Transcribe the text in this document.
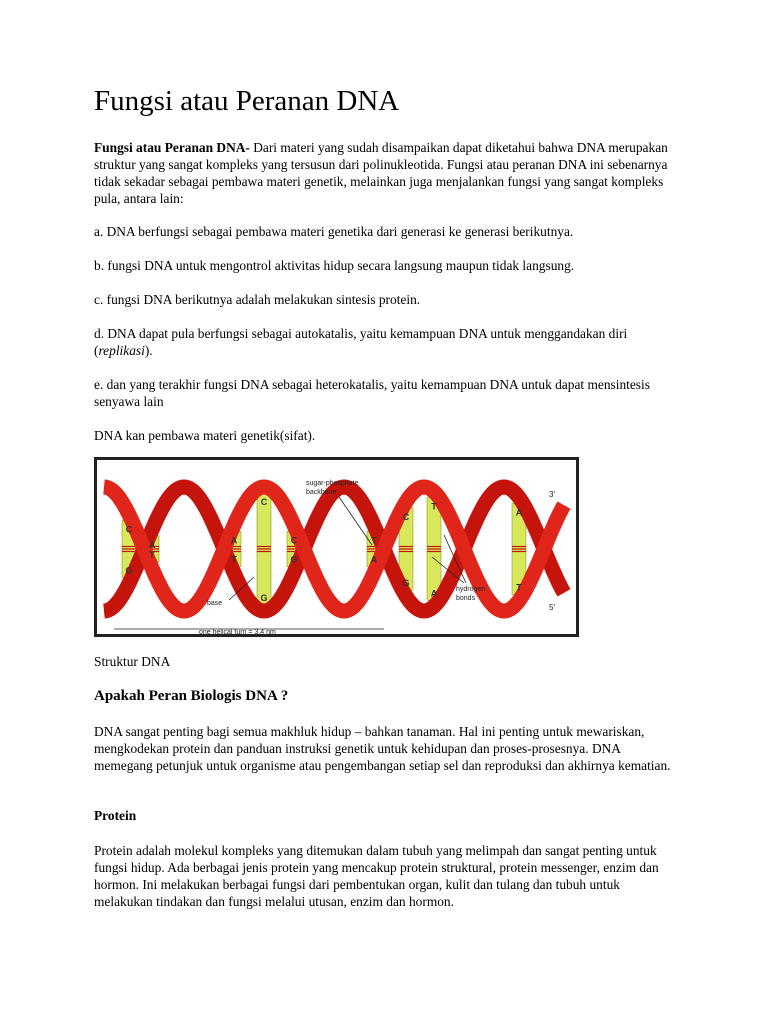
Fungsi atau Peranan DNA

Fungsi atau Peranan DNA- Dari materi yang sudah disampaikan dapat diketahui bahwa DNA merupakan struktur yang sangat kompleks yang tersusun dari polinukleotida. Fungsi atau peranan DNA ini sebenarnya tidak sekadar sebagai pembawa materi genetik, melainkan juga menjalankan fungsi yang sangat kompleks pula, antara lain:

a. DNA berfungsi sebagai pembawa materi genetika dari generasi ke generasi berikutnya.

b. fungsi DNA untuk mengontrol aktivitas hidup secara langsung maupun tidak langsung.

c. fungsi DNA berikutnya adalah melakukan sintesis protein.

d. DNA dapat pula berfungsi sebagai autokatalis, yaitu kemampuan DNA untuk menggandakan diri (replikasi).

e. dan yang terakhir fungsi DNA sebagai heterokatalis, yaitu kemampuan DNA untuk dapat mensintesis senyawa lain

DNA kan pembawa materi genetik(sifat).

C
G
A
T
A
T
C
G
C
G
T
A
C
G
T
A
A
T
sugar-phosphate
backbone	3'
5'
base
hydrogen
bonds
one helical turn = 3.4 nm
Struktur DNA
Apakah Peran Biologis DNA ?

DNA sangat penting bagi semua makhluk hidup – bahkan tanaman. Hal ini penting untuk mewariskan, mengkodekan protein dan panduan instruksi genetik untuk kehidupan dan proses-prosesnya. DNA memegang petunjuk untuk organisme atau pengembangan setiap sel dan reproduksi dan akhirnya kematian.

Protein

Protein adalah molekul kompleks yang ditemukan dalam tubuh yang melimpah dan sangat penting untuk fungsi hidup. Ada berbagai jenis protein yang mencakup protein struktural, protein messenger, enzim dan hormon. Ini melakukan berbagai fungsi dari pembentukan organ, kulit dan tulang dan tubuh untuk melakukan tindakan dan fungsi melalui utusan, enzim dan hormon.
